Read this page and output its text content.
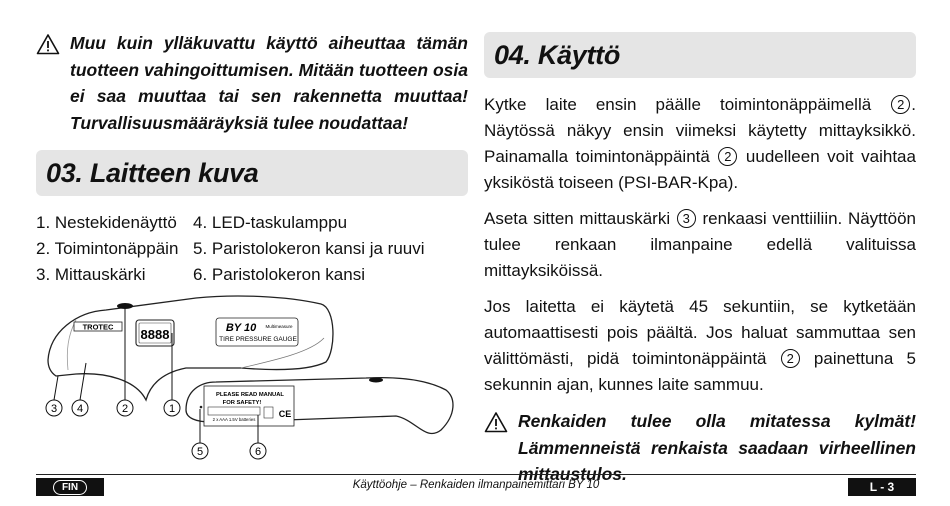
Muu kuin ylläkuvattu käyttö aiheuttaa tämän tuotteen vahingoittumisen. Mitään tuotteen osia ei saa muuttaa tai sen rakennetta muuttaa! Turvallisuusmääräyksiä tulee noudattaa!
03. Laitteen kuva
1. Nestekidenäyttö 4. LED-taskulamppu
2. Toimintonäppäin 5. Paristolokeron kansi ja ruuvi
3. Mittauskärki	6. Paristolokeron kansi
TROTEC 8888	BY 10 Multimeasure
TIRE PRESSURE GAUGE
PLEASE READ MANUAL
FOR SAFETY!
2 x AAA 1.5V batteries
CE
3 4	2	1
5	6
04. Käyttö

Kytke laite ensin päälle toimintonäppäimellä 2 . Näytössä näkyy ensin viimeksi käytetty mittayksikkö. Painamalla toimintonäppäintä 2 uudelleen voit vaihtaa yksiköstä toiseen (PSI-BAR-Kpa).

Aseta sitten mittauskärki 3 renkaasi venttiiliin. Näyttöön tulee renkaan ilmanpaine edellä valituissa mittayksiköissä.

Jos laitetta ei käytetä 45 sekuntiin, se kytketään automaattisesti pois päältä. Jos haluat sammuttaa sen välittömästi, pidä toimintonäppäintä 2 painettuna 5 sekunnin ajan, kunnes laite sammuu.

Renkaiden tulee olla mitatessa kylmät! Lämmenneistä renkaista saadaan virheellinen mittaustulos.
FIN	Käyttöohje – Renkaiden ilmanpainemittari BY 10	L - 3
